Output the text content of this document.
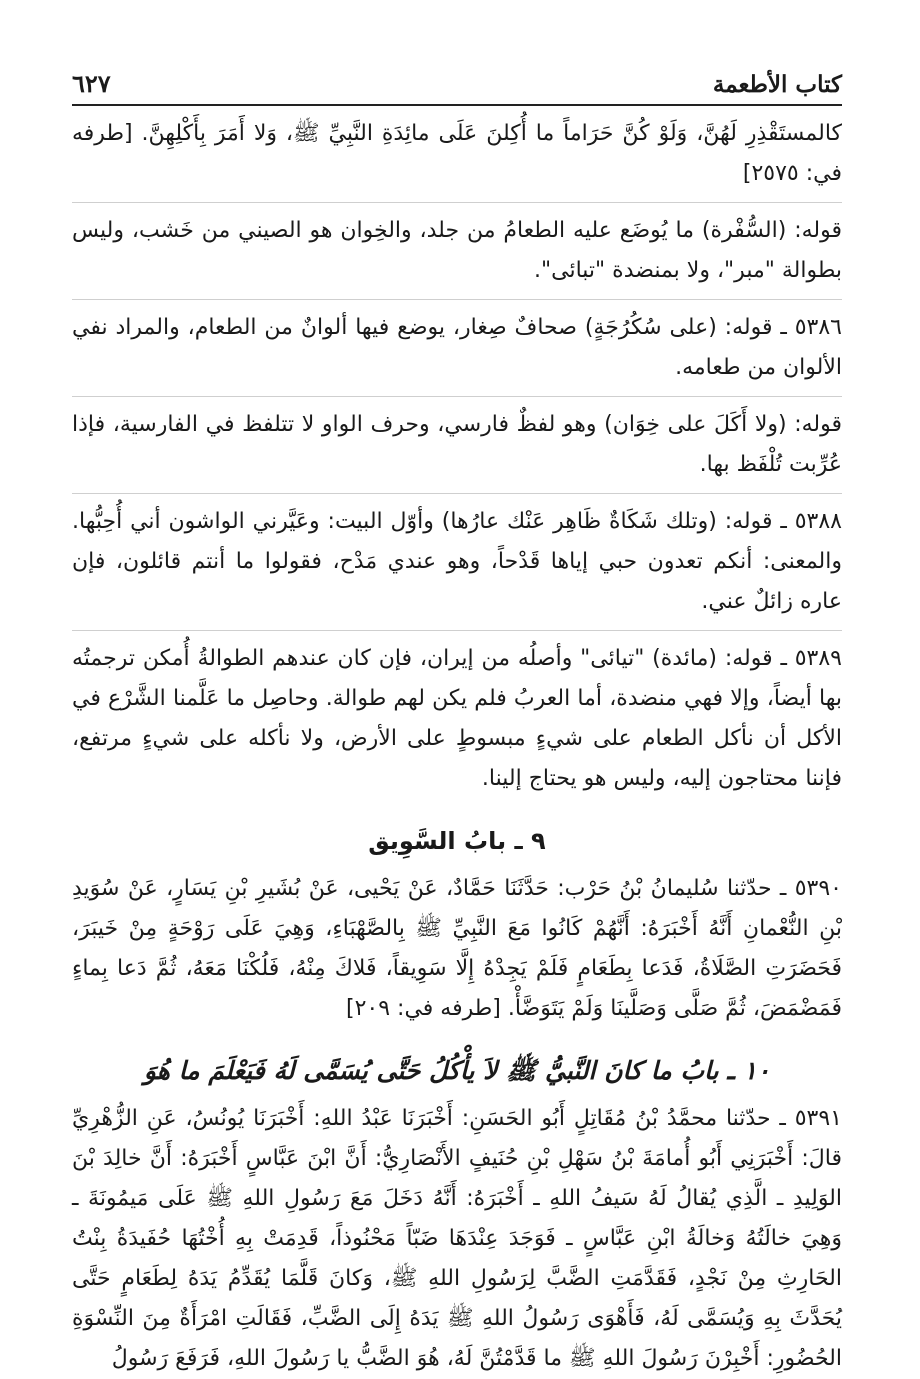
٦٢٧	كتاب الأطعمة

كالمستَقْذِرِ لَهُنَّ، وَلَوْ كُنَّ حَرَاماً ما أُكِلنَ عَلَى مائِدَةِ النَّبِيِّ ﷺ، وَلا أَمَرَ بِأَكْلِهِنَّ. [طرفه في: ٢٥٧٥]

قوله: (السُّفْرة) ما يُوضَع عليه الطعامُ من جلد، والخِوان هو الصيني من خَشب، وليس بطوالة "مبر"، ولا بمنضدة "تبائى".

٥٣٨٦ ـ قوله: (على سُكُرُجَةٍ) صحافٌ صِغار، يوضع فيها ألوانٌ من الطعام، والمراد نفي الألوان من طعامه.

قوله: (ولا أَكَلَ على خِوَان) وهو لفظٌ فارسي، وحرف الواو لا تتلفظ في الفارسية، فإذا عُرِّبت تُلْفَظ بها.

٥٣٨٨ ـ قوله: (وتلك شَكَاةٌ ظَاهِر عَنْك عارُها) وأوّل البيت: وعَيَّرني الواشون أني أُحِبُّها. والمعنى: أنكم تعدون حبي إياها قَدْحاً، وهو عندي مَدْح، فقولوا ما أنتم قائلون، فإن عاره زائلٌ عني.

٥٣٨٩ ـ قوله: (مائدة) "تيائى" وأصلُه من إيران، فإن كان عندهم الطوالةُ أُمكن ترجمتُه بها أيضاً، وإلا فهي منضدة، أما العربُ فلم يكن لهم طوالة. وحاصِل ما عَلَّمنا الشَّرْع في الأكل أن نأكل الطعام على شيءٍ مبسوطٍ على الأرض، ولا نأكله على شيءٍ مرتفع، فإننا محتاجون إليه، وليس هو يحتاج إلينا.

٩ ـ بابُ السَّوِيق

٥٣٩٠ ـ حدّثنا سُليمانُ بْنُ حَرْب: حَدَّثَنَا حَمَّادٌ، عَنْ يَحْيى، عَنْ بُشَيرِ بْنِ يَسَارٍ، عَنْ سُوَيدِ بْنِ النُّعْمانِ أَنَّهُ أَخْبَرَهُ: أَنَّهُمْ كَانُوا مَعَ النَّبِيِّ ﷺ بِالصَّهْبَاءِ، وَهِيَ عَلَى رَوْحَةٍ مِنْ خَيبَرَ، فَحَضَرَتِ الصَّلَاةُ، فَدَعا بِطَعَامٍ فَلَمْ يَجِدْهُ إِلَّا سَوِيقاً، فَلاكَ مِنْهُ، فَلُكْنَا مَعَهُ، ثُمَّ دَعا بِماءٍ فَمَضْمَضَ، ثُمَّ صَلَّى وَصَلَّينَا وَلَمْ يَتَوَضَّأْ. [طرفه في: ٢٠٩]

١٠ ـ بابُ ما كانَ النَّبيُّ ﷺ لاَ يأْكُلُ حَتَّى يُسَمَّى لَهُ فَيَعْلَمَ ما هُوَ

٥٣٩١ ـ حدّثنا محمَّدُ بْنُ مُقَاتِلٍ أَبُو الحَسَنِ: أَخْبَرَنَا عَبْدُ اللهِ: أَخْبَرَنَا يُونُسُ، عَنِ الزُّهْرِيِّ قالَ: أَخْبَرَنِي أَبُو أُمامَةَ بْنُ سَهْلِ بْنِ حُنَيفٍ الأَنْصَارِيُّ: أَنَّ ابْنَ عَبَّاسٍ أَخْبَرَهُ: أَنَّ خالِدَ بْنَ الوَلِيدِ ـ الَّذِي يُقالُ لَهُ سَيفُ اللهِ ـ أَخْبَرَهُ: أَنَّهُ دَخَلَ مَعَ رَسُولِ اللهِ ﷺ عَلَى مَيمُونَةَ ـ وَهِيَ خالَتُهُ وَخالَةُ ابْنِ عَبَّاسٍ ـ فَوَجَدَ عِنْدَهَا ضَبّاً مَحْنُوذاً، قَدِمَتْ بِهِ أُخْتُهَا حُفَيدَةُ بِنْتُ الحَارِثِ مِنْ نَجْدٍ، فَقَدَّمَتِ الضَّبَّ لِرَسُولِ اللهِ ﷺ، وَكانَ قَلَّمَا يُقَدِّمُ يَدَهُ لِطَعَامٍ حَتَّى يُحَدَّثَ بِهِ وَيُسَمَّى لَهُ، فَأَهْوَى رَسُولُ اللهِ ﷺ يَدَهُ إِلَى الضَّبِّ، فَقَالَتِ امْرَأَةٌ مِنَ النِّسْوَةِ الحُضُورِ: أَخْبِرْنَ رَسُولَ اللهِ ﷺ ما قَدَّمْتُنَّ لَهُ، هُوَ الضَّبُّ يا رَسُولَ اللهِ، فَرَفَعَ رَسُولُ
